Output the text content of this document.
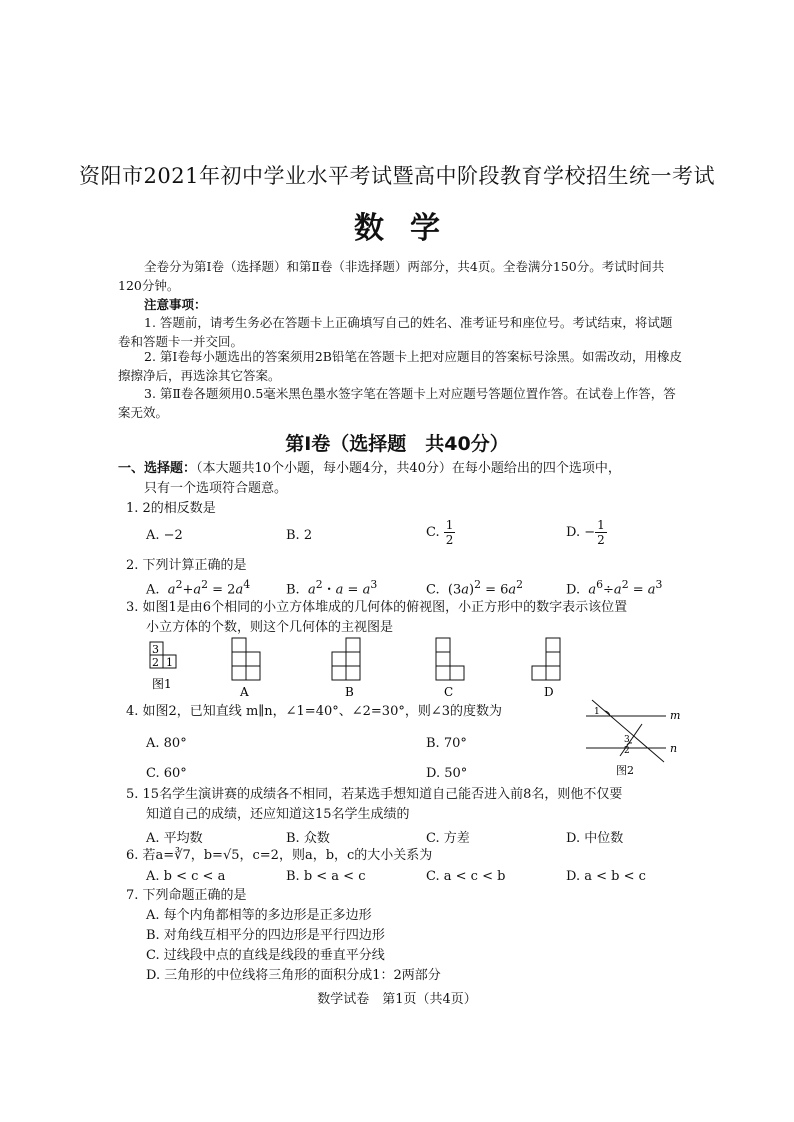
资阳市2021年初中学业水平考试暨高中阶段教育学校招生统一考试
数学
全卷分为第Ⅰ卷（选择题）和第Ⅱ卷（非选择题）两部分，共4页。全卷满分150分。考试时间共120分钟。
注意事项：
1. 答题前，请考生务必在答题卡上正确填写自己的姓名、准考证号和座位号。考试结束，将试题卷和答题卡一并交回。
2. 第Ⅰ卷每小题选出的答案须用2B铅笔在答题卡上把对应题目的答案标号涂黑。如需改动，用橡皮擦擦净后，再选涂其它答案。
3. 第Ⅱ卷各题须用0.5毫米黑色墨水签字笔在答题卡上对应题号答题位置作答。在试卷上作答，答案无效。
第Ⅰ卷（选择题　共40分）
一、选择题：（本大题共10个小题，每小题4分，共40分）在每小题给出的四个选项中，
只有一个选项符合题意。
1. 2的相反数是
A. −2	B. 2	C. $\frac{1}{2}$	D. − $\frac{1}{2}$
2. 下列计算正确的是
A.  $a^2+a^2 = 2a^4$	B.  $a^2$・$a = a^3$	C.  $(3a)^2 = 6a^2$	D.  $a^6\div a^2 = a^3$
3. 如图1是由6个相同的小立方体堆成的几何体的俯视图，小正方形中的数字表示该位置
小立方体的个数，则这个几何体的主视图是
3
2 1
图1
A	B	C	D
4. 如图2，已知直线 m∥n，∠1=40°、∠2=30°，则∠3的度数为
A. 80°	B. 70°
C. 60°	D. 50°
m
n
1
3
2
图2
5. 15名学生演讲赛的成绩各不相同，若某选手想知道自己能否进入前8名，则他不仅要
知道自己的成绩，还应知道这15名学生成绩的
A. 平均数	B. 众数	C. 方差	D. 中位数
6. 若a=∛7，b=√5，c=2，则a，b，c的大小关系为
A. b < c < a	B. b < a < c	C. a < c < b	D. a < b < c
7. 下列命题正确的是
A. 每个内角都相等的多边形是正多边形
B. 对角线互相平分的四边形是平行四边形
C. 过线段中点的直线是线段的垂直平分线
D. 三角形的中位线将三角形的面积分成1：2两部分
数学试卷　第1页（共4页）
